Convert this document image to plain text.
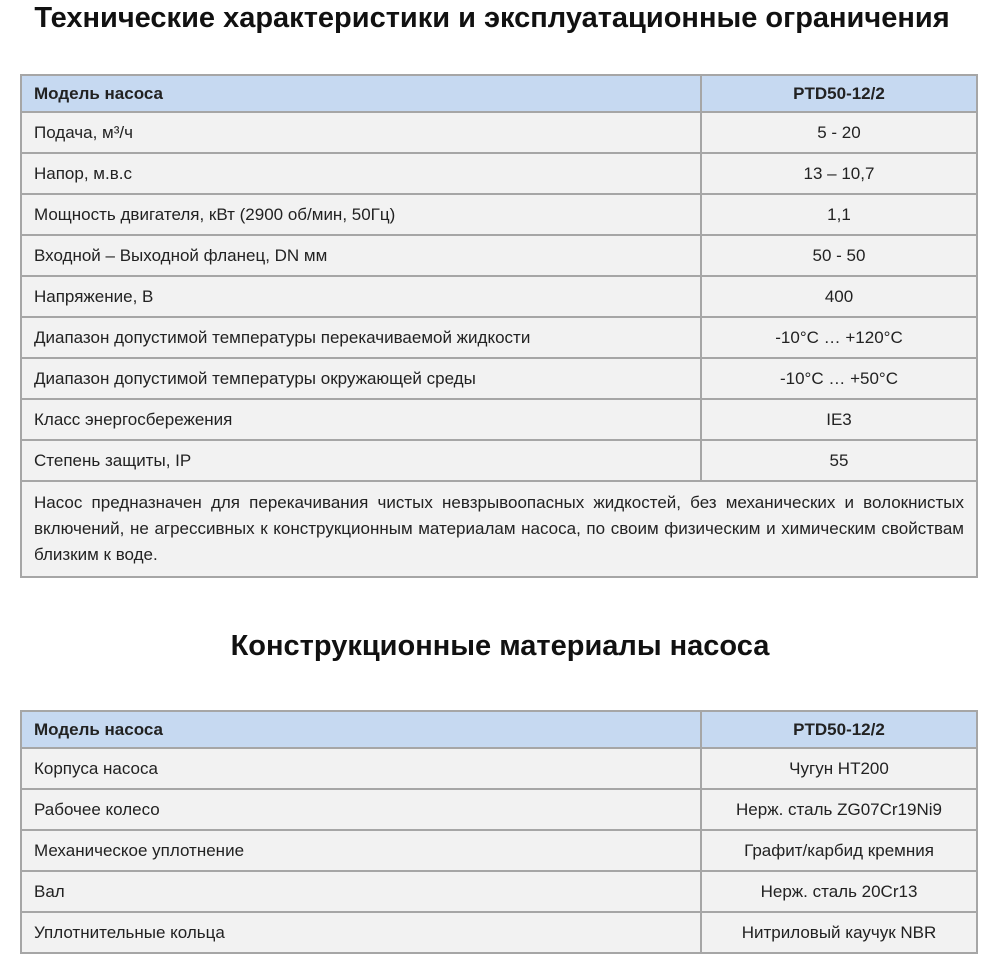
Технические характеристики и эксплуатационные ограничения
Модель насоса	PTD50-12/2
Подача, м³/ч	5 - 20
Напор, м.в.с	13 – 10,7
Мощность двигателя, кВт (2900 об/мин, 50Гц)	1,1
Входной – Выходной фланец, DN мм	50 - 50
Напряжение, В	400
Диапазон допустимой температуры перекачиваемой жидкости	-10°C … +120°C
Диапазон допустимой температуры окружающей среды	-10°C … +50°C
Класс энергосбережения	IE3
Степень защиты, IP	55
Насос предназначен для перекачивания чистых невзрывоопасных жидкостей, без механических и волокнистых включений, не агрессивных к конструкционным материалам насоса, по своим физическим и химическим свойствам близким к воде.	
Конструкционные материалы насоса
Модель насоса	PTD50-12/2
Корпуса насоса	Чугун HT200
Рабочее колесо	Нерж. сталь ZG07Cr19Ni9
Механическое уплотнение	Графит/карбид кремния
Вал	Нерж. сталь 20Cr13
Уплотнительные кольца	Нитриловый каучук NBR
